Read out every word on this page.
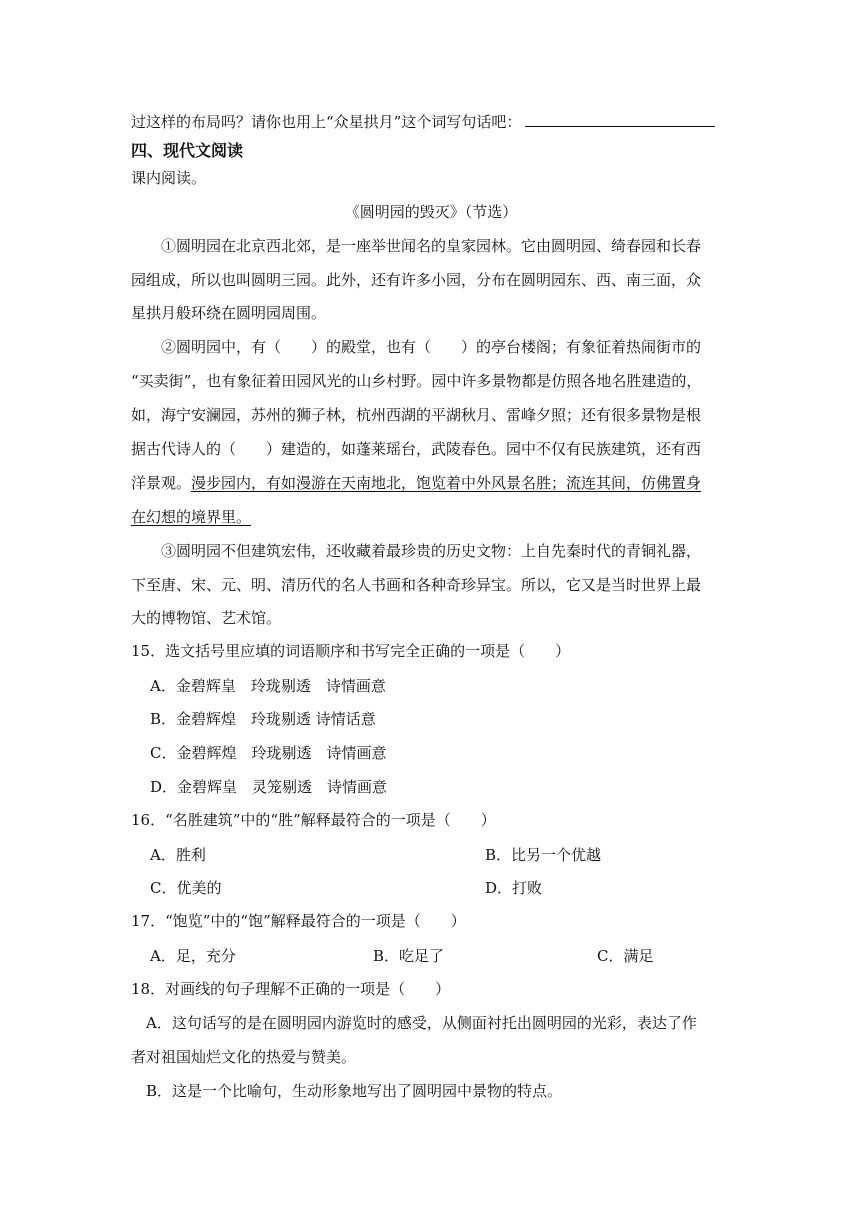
过这样的布局吗？请你也用上“众星拱月”这个词写句话吧：
四、现代文阅读
课内阅读。
《圆明园的毁灭》（节选）
　　①圆明园在北京西北郊，是一座举世闻名的皇家园林。它由圆明园、绮春园和长春
园组成，所以也叫圆明三园。此外，还有许多小园，分布在圆明园东、西、南三面，众
星拱月般环绕在圆明园周围。
　　②圆明园中，有（　　）的殿堂，也有（　　）的亭台楼阁；有象征着热闹街市的
“买卖街”，也有象征着田园风光的山乡村野。园中许多景物都是仿照各地名胜建造的，
如，海宁安澜园，苏州的狮子林，杭州西湖的平湖秋月、雷峰夕照；还有很多景物是根
据古代诗人的（　　）建造的，如蓬莱瑶台，武陵春色。园中不仅有民族建筑，还有西
洋景观。漫步园内，有如漫游在天南地北，饱览着中外风景名胜；流连其间，仿佛置身
在幻想的境界里。
　　③圆明园不但建筑宏伟，还收藏着最珍贵的历史文物：上自先秦时代的青铜礼器，
下至唐、宋、元、明、清历代的名人书画和各种奇珍异宝。所以，它又是当时世界上最
大的博物馆、艺术馆。
15．选文括号里应填的词语顺序和书写完全正确的一项是（　　）
A．金碧辉皇　玲珑剔透　诗情画意
B．金碧辉煌　玲珑剔透 诗情话意
C．金碧辉煌　玲珑剔透　诗情画意
D．金碧辉皇　灵笼剔透　诗情画意
16．“名胜建筑”中的“胜”解释最符合的一项是（　　）
A．胜利	B．比另一个优越
C．优美的	D．打败
17．“饱览”中的“饱”解释最符合的一项是（　　）
A．足，充分	B．吃足了	C．满足
18．对画线的句子理解不正确的一项是（　　）
　A．这句话写的是在圆明园内游览时的感受，从侧面衬托出圆明园的光彩，表达了作
者对祖国灿烂文化的热爱与赞美。
　B．这是一个比喻句，生动形象地写出了圆明园中景物的特点。
